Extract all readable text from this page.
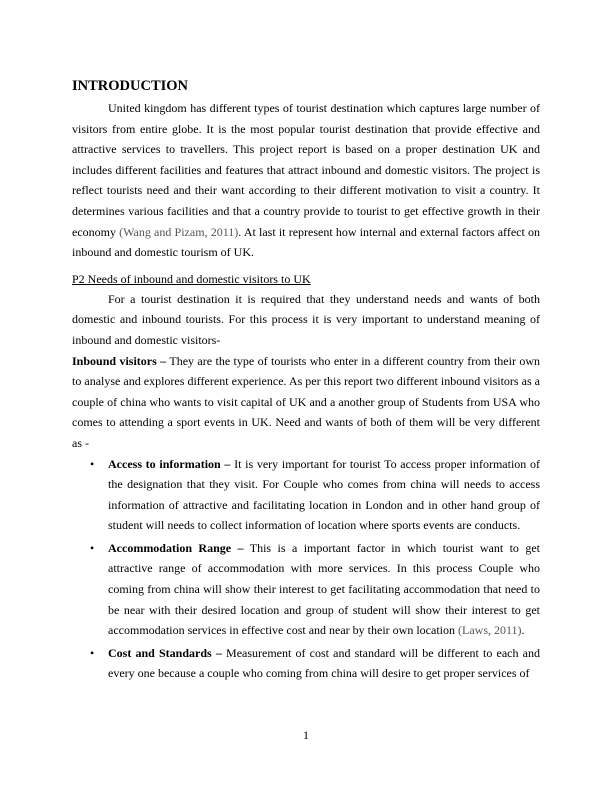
INTRODUCTION

United kingdom has different types of tourist destination which captures large number of visitors from entire globe. It is the most popular tourist destination that provide effective and attractive services to travellers. This project report is based on a proper destination UK and includes different facilities and features that attract inbound and domestic visitors. The project is reflect tourists need and their want according to their different motivation to visit a country. It determines various facilities and that a country provide to tourist to get effective growth in their economy (Wang and Pizam, 2011). At last it represent how internal and external factors affect on inbound and domestic tourism of UK.

P2 Needs of inbound and domestic visitors to UK

For a tourist destination it is required that they understand needs and wants of both domestic and inbound tourists. For this process it is very important to understand meaning of inbound and domestic visitors-

Inbound visitors – They are the type of tourists who enter in a different country from their own to analyse and explores different experience. As per this report two different inbound visitors as a couple of china who wants to visit capital of UK and a another group of Students from USA who comes to attending a sport events in UK. Need and wants of both of them will be very different as -

• Access to information – It is very important for tourist To access proper information of the designation that they visit. For Couple who comes from china will needs to access information of attractive and facilitating location in London and in other hand group of student will needs to collect information of location where sports events are conducts.
• Accommodation Range – This is a important factor in which tourist want to get attractive range of accommodation with more services. In this process Couple who coming from china will show their interest to get facilitating accommodation that need to be near with their desired location and group of student will show their interest to get accommodation services in effective cost and near by their own location (Laws, 2011).
• Cost and Standards – Measurement of cost and standard will be different to each and every one because a couple who coming from china will desire to get proper services of
1
